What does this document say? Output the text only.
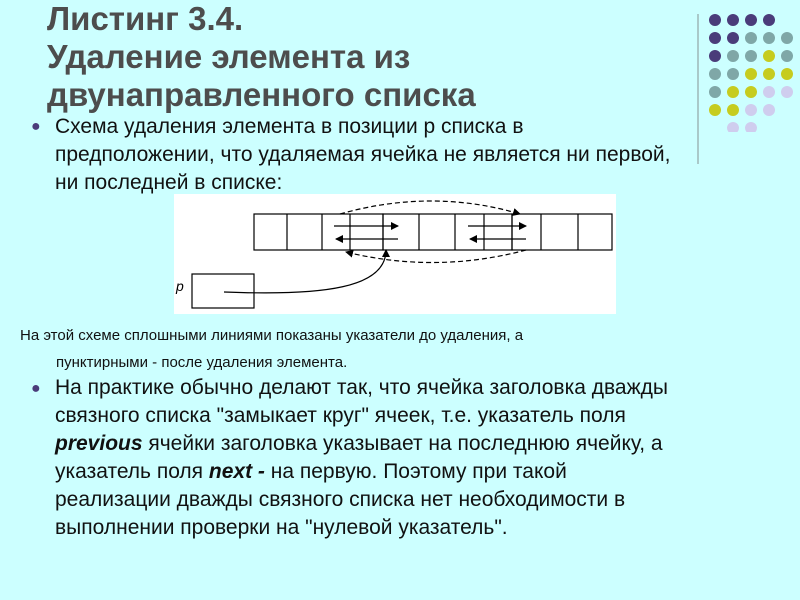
Листинг 3.4.
Удаление элемента из
двунаправленного списка
● Схема удаления элемента в позиции р списка в
предположении, что удаляемая ячейка не является ни первой,
ни последней в списке:

p
На этой схеме сплошными линиями показаны указатели до удаления, а
пунктирными - после удаления элемента.
● На практике обычно делают так, что ячейка заголовка дважды
связного списка "замыкает круг" ячеек, т.е. указатель поля
previous ячейки заголовка указывает на последнюю ячейку, а
указатель поля next - на первую. Поэтому при такой
реализации дважды связного списка нет необходимости в
выполнении проверки на "нулевой указатель".
